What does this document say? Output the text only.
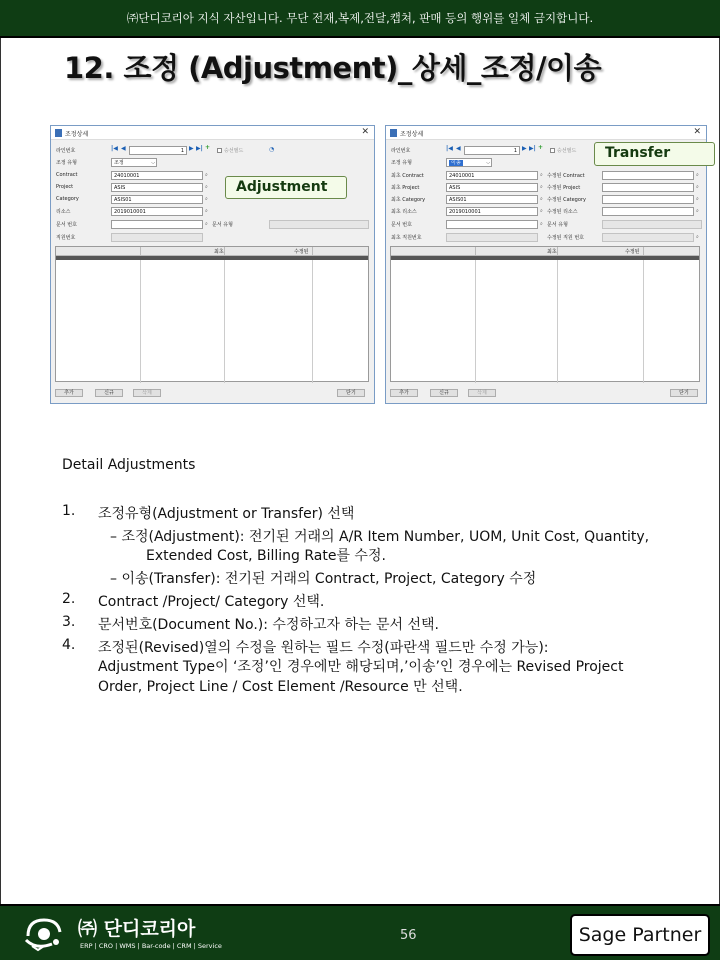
㈜단디코리아 지식 자산입니다. 무단 전재,복제,전달,캡쳐, 판매 등의 행위를 일체 금지합니다.
12. 조정 (Adjustment)_상세_조정/이송
조정상세	✕
라인번호	|◀ ◀	1 ▶ ▶| +	승선필드	◔
조정 유형	조정	⌵
Contract	24010001	⌕
Project	ASIS	⌕
Category	ASIS01	⌕
리소스	2019010001	⌕
문서 번호	⌕ 문서 유형
직원번호
최초	수정된
추가	신규	삭제	닫기
Adjustment
조정상세	✕
라인번호	|◀ ◀	1 ▶ ▶| +	승선필드
조정 유형	이송	⌵
최초 Contract	24010001	⌕ 수정된 Contract	⌕
최초 Project	ASIS	⌕ 수정된 Project	⌕
최초 Category	ASIS01	⌕ 수정된 Category	⌕
최초 리소스	2019010001	⌕ 수정된 리소스	⌕
문서 번호	⌕ 문서 유형
최초 직원번호	수정된 직원 번호	⌕
최초	수정된
추가	신규	삭제	닫기
Transfer
Detail Adjustments
1. 조정유형(Adjustment or Transfer) 선택
– 조정(Adjustment): 전기된 거래의 A/R Item Number, UOM, Unit Cost, Quantity,
Extended Cost, Billing Rate를 수정.
– 이송(Transfer): 전기된 거래의 Contract, Project, Category 수정
2. Contract /Project/ Category 선택.
3. 문서번호(Document No.): 수정하고자 하는 문서 선택.
4. 조정된(Revised)열의 수정을 원하는 필드 수정(파란색 필드만 수정 가능):
Adjustment Type이 ‘조정’인 경우에만 해당되며,’이송’인 경우에는 Revised Project
Order, Project Line / Cost Element /Resource 만 선택.
㈜ 단디코리아
ERP | CRO | WMS | Bar-code | CRM | Service
56	Sage Partner
